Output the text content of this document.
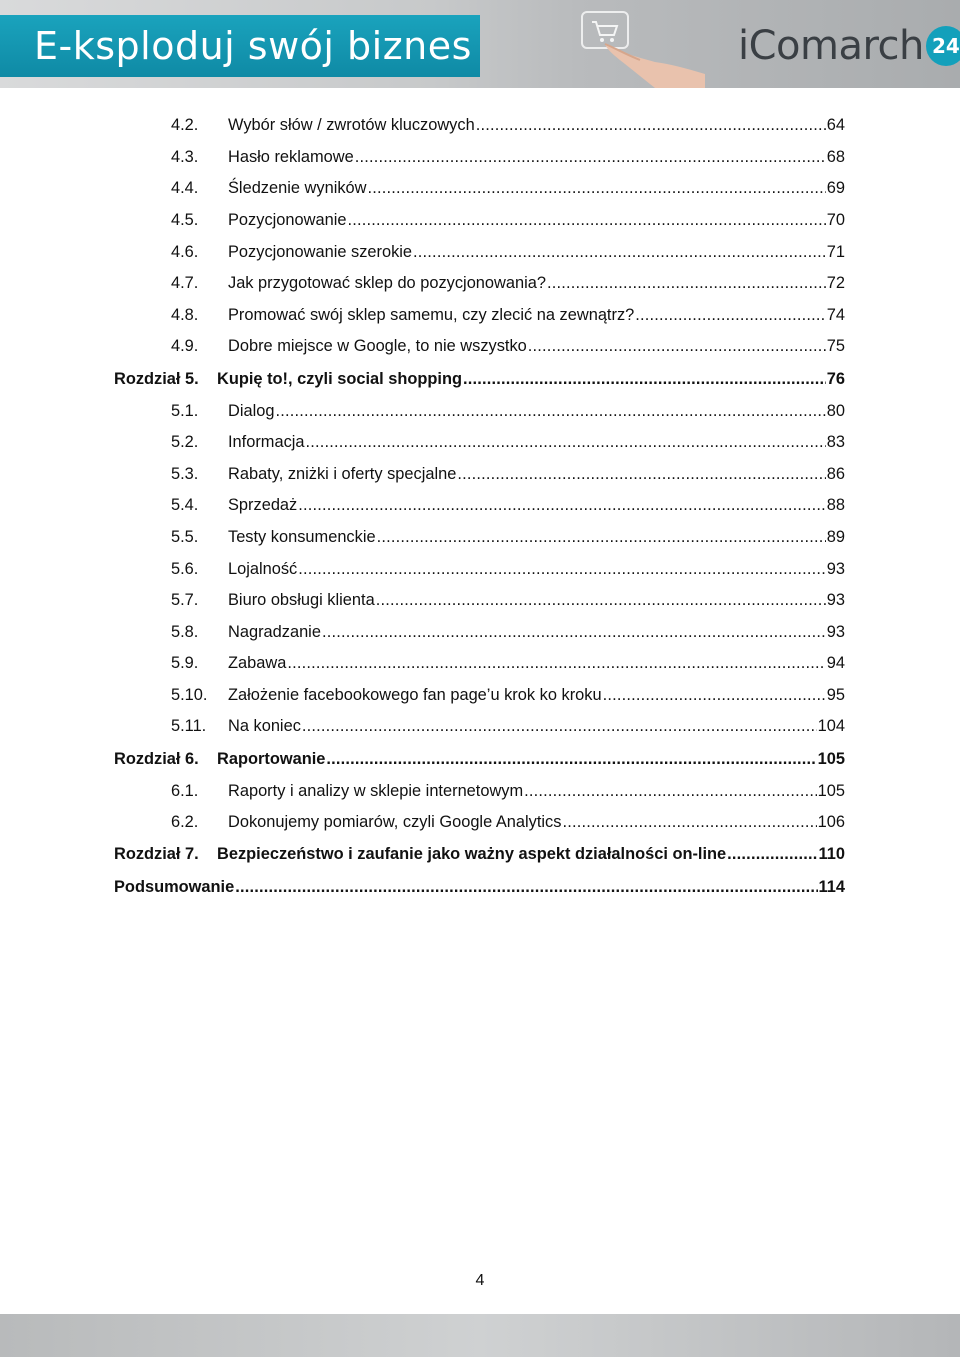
E-ksploduj swój biznes	iComarch 24
4.2.	Wybór słów / zwrotów kluczowych .....	64
4.3.	Hasło reklamowe .....	68
4.4.	Śledzenie wyników .....	69
4.5.	Pozycjonowanie .....	70
4.6.	Pozycjonowanie szerokie .....	71
4.7.	Jak przygotować sklep do pozycjonowania? .....	72
4.8.	Promować swój sklep samemu, czy zlecić na zewnątrz? .....	74
4.9.	Dobre miejsce w Google, to nie wszystko .....	75
Rozdział 5.	Kupię to!, czyli social shopping .....	76
5.1.	Dialog .....	80
5.2.	Informacja .....	83
5.3.	Rabaty, zniżki i oferty specjalne .....	86
5.4.	Sprzedaż .....	88
5.5.	Testy konsumenckie .....	89
5.6.	Lojalność .....	93
5.7.	Biuro obsługi klienta .....	93
5.8.	Nagradzanie .....	93
5.9.	Zabawa .....	94
5.10.	Założenie facebookowego fan page’u krok ko kroku .....	95
5.11.	Na koniec .....	104
Rozdział 6.	Raportowanie .....	105
6.1.	Raporty i analizy w sklepie internetowym .....	105
6.2.	Dokonujemy pomiarów, czyli Google Analytics .....	106
Rozdział 7.	Bezpieczeństwo i zaufanie jako ważny aspekt działalności on-line .....	110
Podsumowanie .....	114
4
